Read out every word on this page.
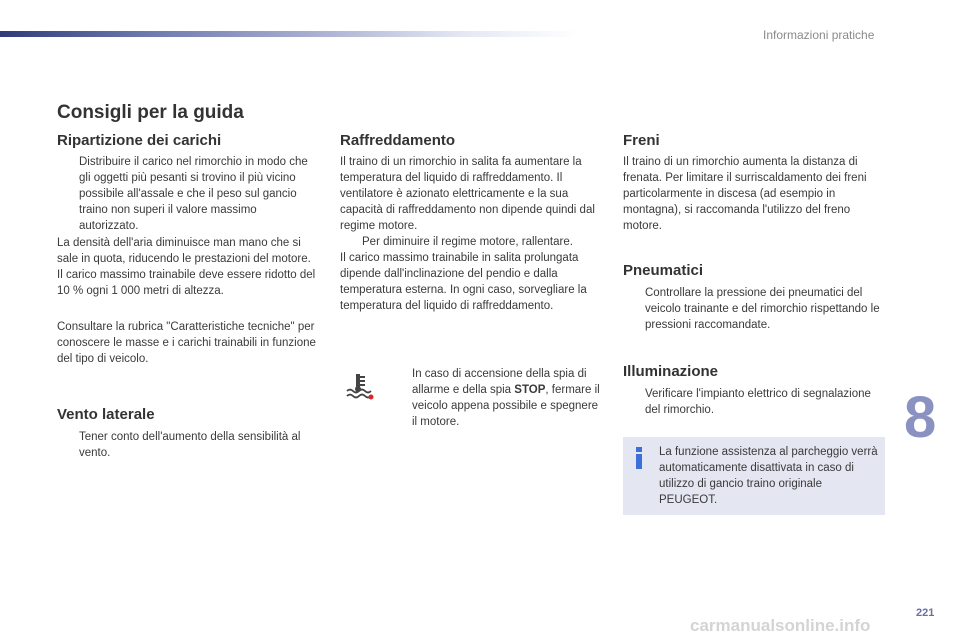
Informazioni pratiche
Consigli per la guida
Ripartizione dei carichi
Distribuire il carico nel rimorchio in modo che gli oggetti più pesanti si trovino il più vicino possibile all'assale e che il peso sul gancio traino non superi il valore massimo autorizzato.

La densità dell'aria diminuisce man mano che si sale in quota, riducendo le prestazioni del motore. Il carico massimo trainabile deve essere ridotto del 10 % ogni 1 000 metri di altezza.

Consultare la rubrica "Caratteristiche tecniche" per conoscere le masse e i carichi trainabili in funzione del tipo di veicolo.

Vento laterale
Tener conto dell'aumento della sensibilità al vento.
Raffreddamento

Il traino di un rimorchio in salita fa aumentare la temperatura del liquido di raffreddamento. Il ventilatore è azionato elettricamente e la sua capacità di raffreddamento non dipende quindi dal regime motore.

Per diminuire il regime motore, rallentare.

Il carico massimo trainabile in salita prolungata dipende dall'inclinazione del pendio e dalla temperatura esterna. In ogni caso, sorvegliare la temperatura del liquido di raffreddamento.

In caso di accensione della spia di allarme e della spia STOP, fermare il veicolo appena possibile e spegnere il motore.
Freni

Il traino di un rimorchio aumenta la distanza di frenata. Per limitare il surriscaldamento dei freni particolarmente in discesa (ad esempio in montagna), si raccomanda l'utilizzo del freno motore.

Pneumatici
Controllare la pressione dei pneumatici del veicolo trainante e del rimorchio rispettando le pressioni raccomandate.
Illuminazione
Verificare l'impianto elettrico di segnalazione del rimorchio.

La funzione assistenza al parcheggio verrà automaticamente disattivata in caso di utilizzo di gancio traino originale PEUGEOT.

8
221
carmanualsonline.info
